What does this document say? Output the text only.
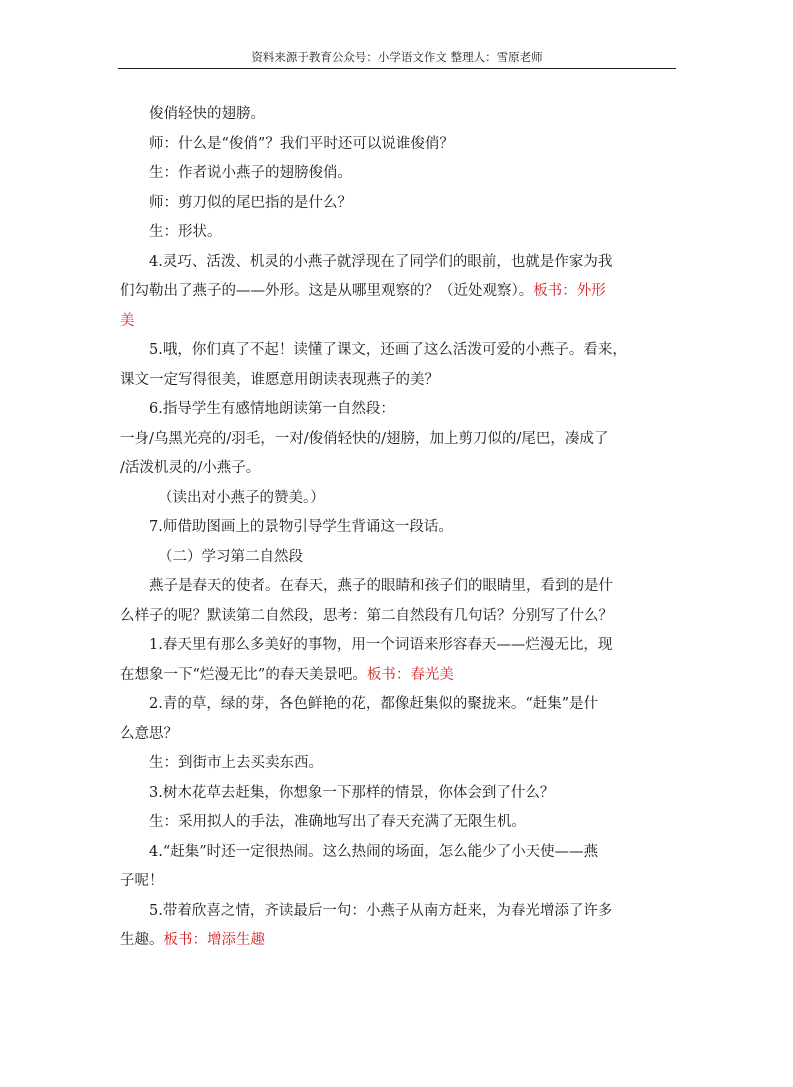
资料来源于教育公众号：小学语文作文 整理人：雪原老师
俊俏轻快的翅膀。
师：什么是“俊俏”？我们平时还可以说谁俊俏？
生：作者说小燕子的翅膀俊俏。
师：剪刀似的尾巴指的是什么？
生：形状。
4.灵巧、活泼、机灵的小燕子就浮现在了同学们的眼前，也就是作家为我
们勾勒出了燕子的——外形。这是从哪里观察的？（近处观察）。板书：外形
美
5.哦，你们真了不起！读懂了课文，还画了这么活泼可爱的小燕子。看来，
课文一定写得很美，谁愿意用朗读表现燕子的美？
6.指导学生有感情地朗读第一自然段：
一身/乌黑光亮的/羽毛，一对/俊俏轻快的/翅膀，加上剪刀似的/尾巴，凑成了
/活泼机灵的/小燕子。
（读出对小燕子的赞美。）
7.师借助图画上的景物引导学生背诵这一段话。
（二）学习第二自然段
燕子是春天的使者。在春天，燕子的眼睛和孩子们的眼睛里，看到的是什
么样子的呢？默读第二自然段，思考：第二自然段有几句话？分别写了什么？
1.春天里有那么多美好的事物，用一个词语来形容春天——烂漫无比，现
在想象一下“烂漫无比”的春天美景吧。板书：春光美
2.青的草，绿的芽，各色鲜艳的花，都像赶集似的聚拢来。“赶集”是什
么意思？
生：到街市上去买卖东西。
3.树木花草去赶集，你想象一下那样的情景，你体会到了什么？
生：采用拟人的手法，准确地写出了春天充满了无限生机。
4.“赶集”时还一定很热闹。这么热闹的场面，怎么能少了小天使——燕
子呢！
5.带着欣喜之情，齐读最后一句：小燕子从南方赶来，为春光增添了许多
生趣。板书：增添生趣
